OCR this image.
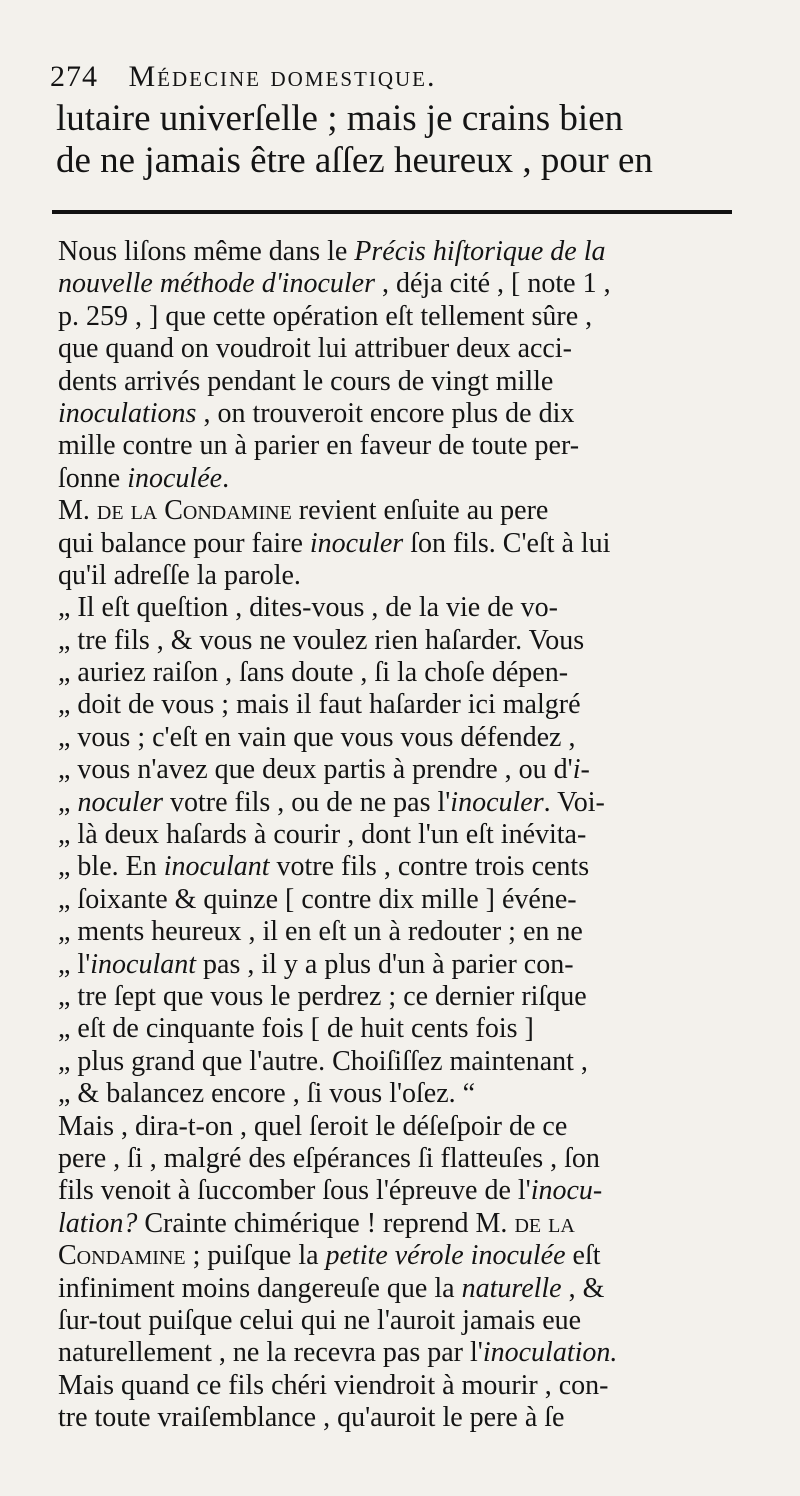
274 Médecine domestique.
lutaire univerſelle ; mais je crains bien
de ne jamais être aſſez heureux , pour en
Nous liſons même dans le Précis hiſtorique de la
nouvelle méthode d'inoculer , déja cité , [ note 1 ,
p. 259 , ] que cette opération eſt tellement sûre ,
que quand on voudroit lui attribuer deux acci-
dents arrivés pendant le cours de vingt mille
inoculations , on trouveroit encore plus de dix
mille contre un à parier en faveur de toute per-
ſonne inoculée.
M. de la Condamine revient enſuite au pere
qui balance pour faire inoculer ſon fils. C'eſt à lui
qu'il adreſſe la parole.
„ Il eſt queſtion , dites-vous , de la vie de vo-
„ tre fils , & vous ne voulez rien haſarder. Vous
„ auriez raiſon , ſans doute , ſi la choſe dépen-
„ doit de vous ; mais il faut haſarder ici malgré
„ vous ; c'eſt en vain que vous vous défendez ,
„ vous n'avez que deux partis à prendre , ou d'i-
„ noculer votre fils , ou de ne pas l'inoculer. Voi-
„ là deux haſards à courir , dont l'un eſt inévita-
„ ble. En inoculant votre fils , contre trois cents
„ ſoixante & quinze [ contre dix mille ] événe-
„ ments heureux , il en eſt un à redouter ; en ne
„ l'inoculant pas , il y a plus d'un à parier con-
„ tre ſept que vous le perdrez ; ce dernier riſque
„ eſt de cinquante fois [ de huit cents fois ]
„ plus grand que l'autre. Choiſiſſez maintenant ,
„ & balancez encore , ſi vous l'oſez. “
Mais , dira-t-on , quel ſeroit le déſeſpoir de ce
pere , ſi , malgré des eſpérances ſi flatteuſes , ſon
fils venoit à ſuccomber ſous l'épreuve de l'inocu-
lation? Crainte chimérique ! reprend M. de la
Condamine ; puiſque la petite vérole inoculée eſt
infiniment moins dangereuſe que la naturelle , &
ſur-tout puiſque celui qui ne l'auroit jamais eue
naturellement , ne la recevra pas par l'inoculation.
Mais quand ce fils chéri viendroit à mourir , con-
tre toute vraiſemblance , qu'auroit le pere à ſe
